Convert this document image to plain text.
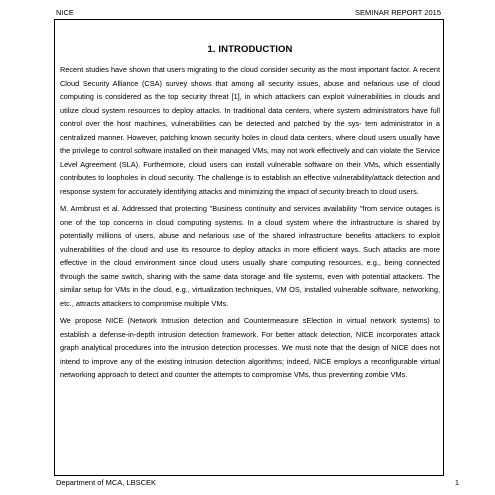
NICE	SEMINAR REPORT 2015
1. INTRODUCTION

Recent studies have shown that users migrating to the cloud consider security as the most important factor. A recent Cloud Security Alliance (CSA) survey shows that among all security issues, abuse and nefarious use of cloud computing is considered as the top security threat [1], in which attackers can exploit vulnerabilities in clouds and utilize cloud system resources to deploy attacks. In traditional data centers, where system administrators have full control over the host machines, vulnerabilities can be detected and patched by the sys- tem administrator in a centralized manner. However, patching known security holes in cloud data centers, where cloud users usually have the privilege to control software installed on their managed VMs, may not work effectively and can violate the Service Level Agreement (SLA). Furthermore, cloud users can install vulnerable software on their VMs, which essentially contributes to loopholes in cloud security. The challenge is to establish an effective vulnerability/attack detection and response system for accurately identifying attacks and minimizing the impact of security breach to cloud users.

M. Armbrust et al. Addressed that protecting "Business continuity and services availability "from service outages is one of the top concerns in cloud computing systems. In a cloud system where the infrastructure is shared by potentially millions of users, abuse and nefarious use of the shared infrastructure benefits attackers to exploit vulnerabilities of the cloud and use its resource to deploy attacks in more efficient ways. Such attacks are more effective in the cloud environment since cloud users usually share computing resources, e.g., being connected through the same switch, sharing with the same data storage and file systems, even with potential attackers. The similar setup for VMs in the cloud, e.g., virtualization techniques, VM OS, installed vulnerable software, networking, etc., attracts attackers to compromise multiple VMs.

We propose NICE (Network Intrusion detection and Countermeasure sElection in virtual network systems) to establish a defense-in-depth intrusion detection framework. For better attack detection, NICE incorporates attack graph analytical procedures into the intrusion detection processes. We must note that the design of NICE does not intend to improve any of the existing intrusion detection algorithms; indeed, NICE employs a reconfigurable virtual networking approach to detect and counter the attempts to compromise VMs, thus preventing zombie VMs.

Department of MCA, LBSCEK	1
